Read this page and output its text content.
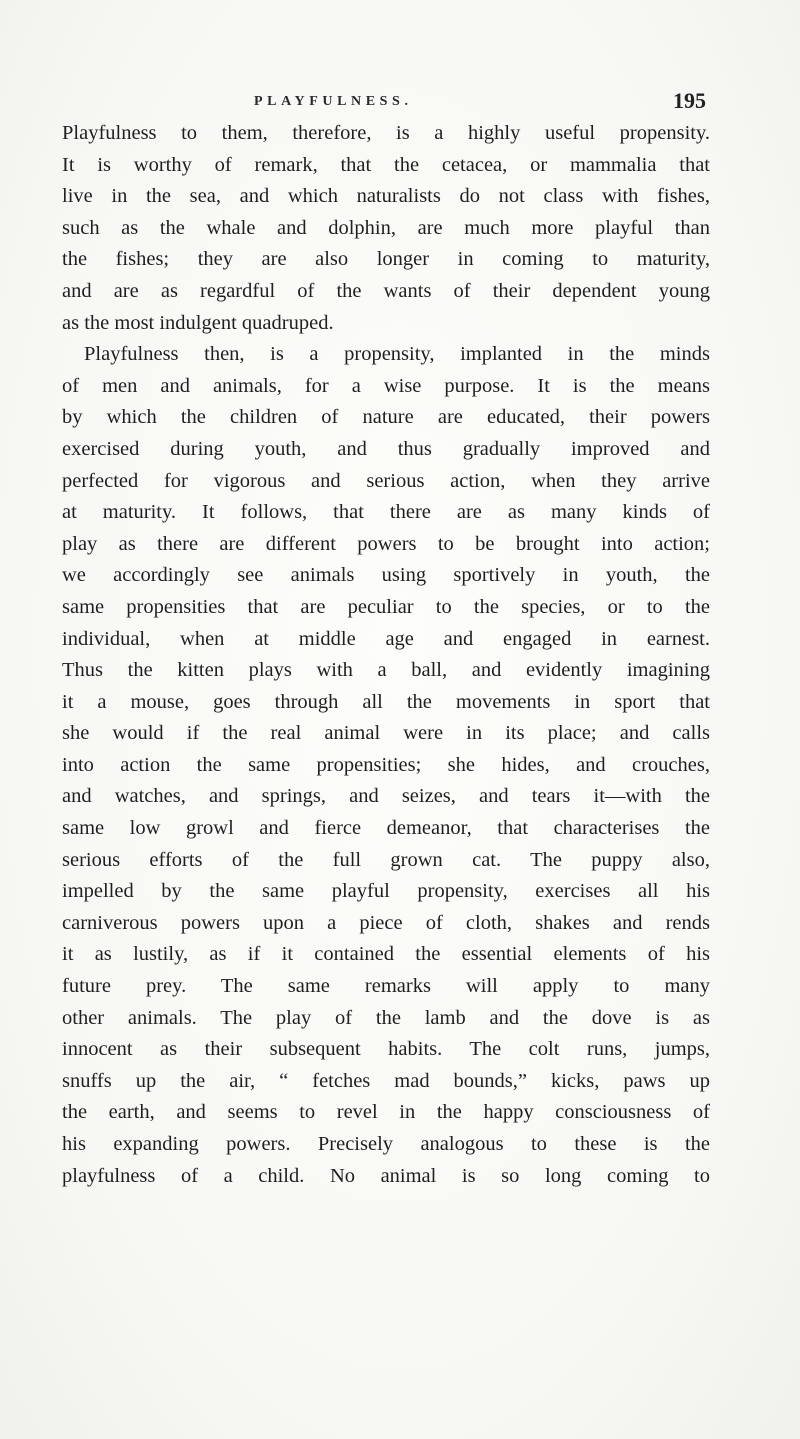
PLAYFULNESS.	195
Playfulness to them, therefore, is a highly useful propensity.
It is worthy of remark, that the cetacea, or mammalia that
live in the sea, and which naturalists do not class with fishes,
such as the whale and dolphin, are much more playful than
the fishes; they are also longer in coming to maturity,
and are as regardful of the wants of their dependent young
as the most indulgent quadruped.
Playfulness then, is a propensity, implanted in the minds
of men and animals, for a wise purpose. It is the means
by which the children of nature are educated, their powers
exercised during youth, and thus gradually improved and
perfected for vigorous and serious action, when they arrive
at maturity. It follows, that there are as many kinds of
play as there are different powers to be brought into action;
we accordingly see animals using sportively in youth, the
same propensities that are peculiar to the species, or to the
individual, when at middle age and engaged in earnest.
Thus the kitten plays with a ball, and evidently imagining
it a mouse, goes through all the movements in sport that
she would if the real animal were in its place; and calls
into action the same propensities; she hides, and crouches,
and watches, and springs, and seizes, and tears it—with the
same low growl and fierce demeanor, that characterises the
serious efforts of the full grown cat. The puppy also,
impelled by the same playful propensity, exercises all his
carniverous powers upon a piece of cloth, shakes and rends
it as lustily, as if it contained the essential elements of his
future prey. The same remarks will apply to many
other animals. The play of the lamb and the dove is as
innocent as their subsequent habits. The colt runs, jumps,
snuffs up the air, “ fetches mad bounds,” kicks, paws up
the earth, and seems to revel in the happy consciousness of
his expanding powers. Precisely analogous to these is the
playfulness of a child. No animal is so long coming to
